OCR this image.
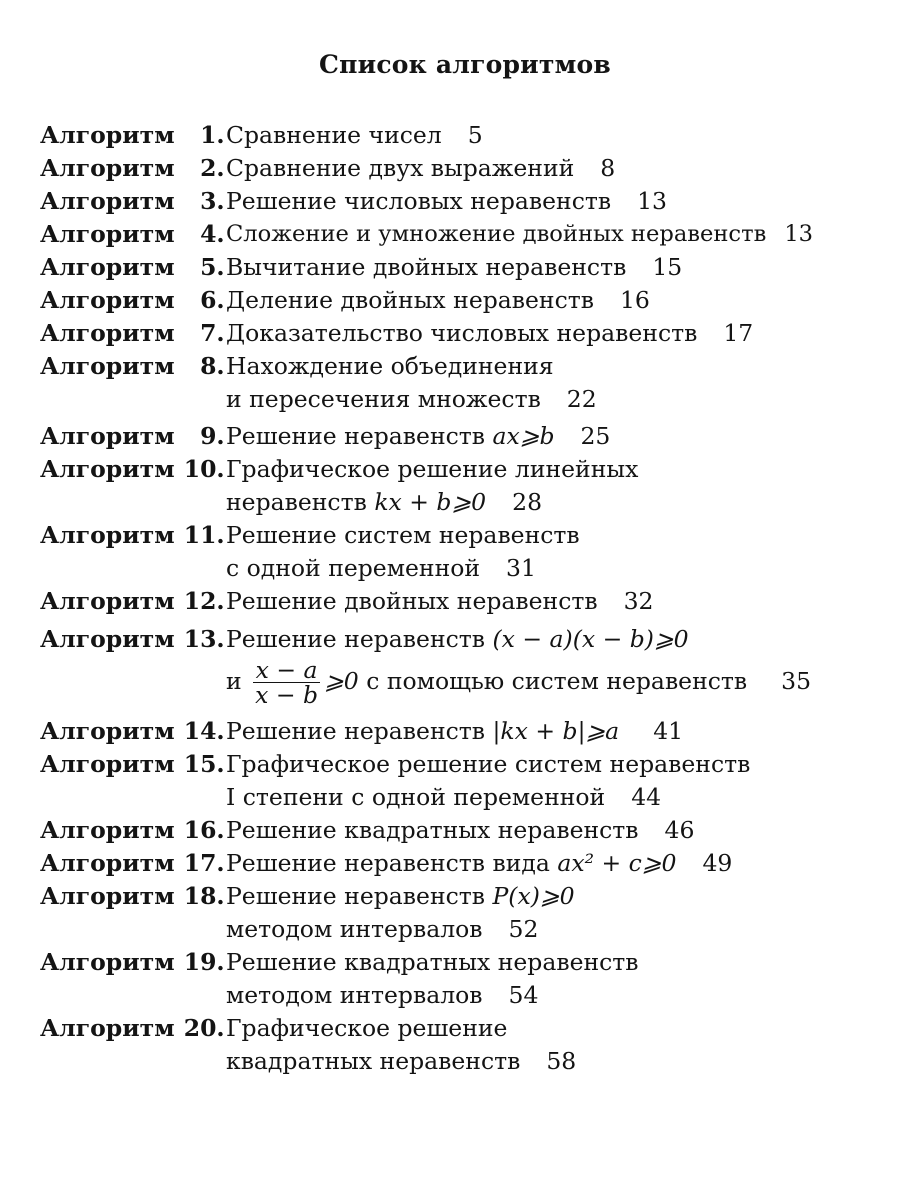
Список алгоритмов
Алгоритм	1. Сравнение чисел 5
Алгоритм	2. Сравнение двух выражений 8
Алгоритм	3. Решение числовых неравенств 13
Алгоритм	4. Сложение и умножение двойных неравенств 13
Алгоритм	5. Вычитание двойных неравенств 15
Алгоритм	6. Деление двойных неравенств 16
Алгоритм	7. Доказательство числовых неравенств 17
Алгоритм	8. Нахождение объединения
и пересечения множеств 22
Алгоритм	9. Решение неравенств ax⩾b 25
Алгоритм 10. Графическое решение линейных
неравенств kx + b⩾0 28
Алгоритм 11. Решение систем неравенств
с одной переменной 31
Алгоритм 12. Решение двойных неравенств 32
Алгоритм 13. Решение неравенств (x − a)(x − b)⩾0
и $\frac{x - a}{x - b}$ ⩾0 с помощью систем неравенств 35
Алгоритм 14. Решение неравенств |kx + b|⩾a 41
Алгоритм 15. Графическое решение систем неравенств
I степени с одной переменной 44
Алгоритм 16. Решение квадратных неравенств 46
Алгоритм 17. Решение неравенств вида ax² + c⩾0 49
Алгоритм 18. Решение неравенств P(x)⩾0
методом интервалов 52
Алгоритм 19. Решение квадратных неравенств
методом интервалов 54
Алгоритм 20. Графическое решение
квадратных неравенств 58
